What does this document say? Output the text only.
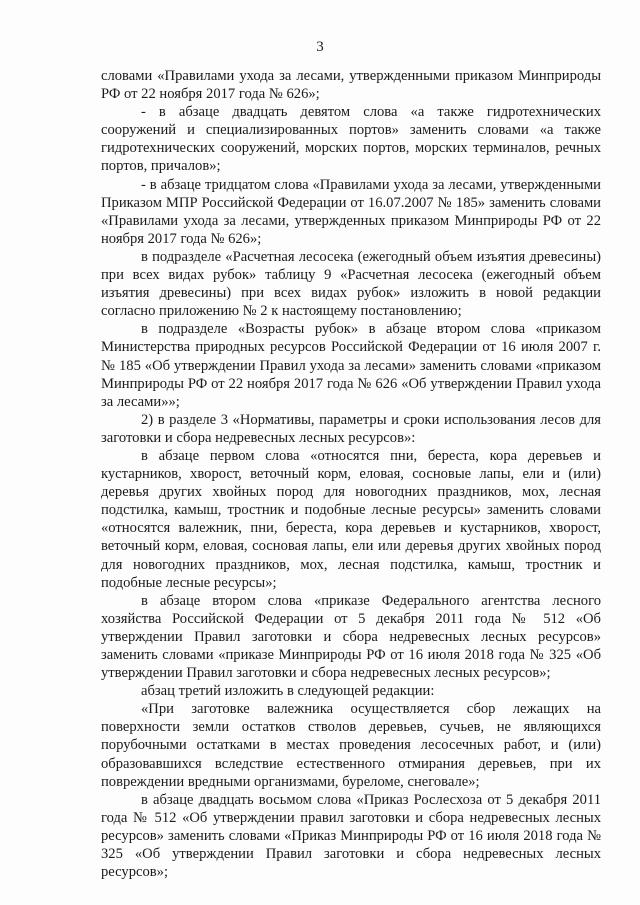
3

словами «Правилами ухода за лесами, утвержденными приказом Минприроды РФ от 22 ноября 2017 года № 626»;

- в абзаце двадцать девятом слова «а также гидротехнических сооружений и специализированных портов» заменить словами «а также гидротехнических сооружений, морских портов, морских терминалов, речных портов, причалов»;

- в абзаце тридцатом слова «Правилами ухода за лесами, утвержденными Приказом МПР Российской Федерации от 16.07.2007 № 185» заменить словами «Правилами ухода за лесами, утвержденных приказом Минприроды РФ от 22 ноября 2017 года № 626»;

в подразделе «Расчетная лесосека (ежегодный объем изъятия древесины) при всех видах рубок» таблицу 9 «Расчетная лесосека (ежегодный объем изъятия древесины) при всех видах рубок» изложить в новой редакции согласно приложению № 2 к настоящему постановлению;

в подразделе «Возрасты рубок» в абзаце втором слова «приказом Министерства природных ресурсов Российской Федерации от 16 июля 2007 г. № 185 «Об утверждении Правил ухода за лесами» заменить словами «приказом Минприроды РФ от 22 ноября 2017 года № 626 «Об утверждении Правил ухода за лесами»»;

2) в разделе 3 «Нормативы, параметры и сроки использования лесов для заготовки и сбора недревесных лесных ресурсов»:

в абзаце первом слова «относятся пни, береста, кора деревьев и кустарников, хворост, веточный корм, еловая, сосновые лапы, ели и (или) деревья других хвойных пород для новогодних праздников, мох, лесная подстилка, камыш, тростник и подобные лесные ресурсы» заменить словами «относятся валежник, пни, береста, кора деревьев и кустарников, хворост, веточный корм, еловая, сосновая лапы, ели или деревья других хвойных пород для новогодних праздников, мох, лесная подстилка, камыш, тростник и подобные лесные ресурсы»;

в абзаце втором слова «приказе Федерального агентства лесного хозяйства Российской Федерации от 5 декабря 2011 года № 512 «Об утверждении Правил заготовки и сбора недревесных лесных ресурсов» заменить словами «приказе Минприроды РФ от 16 июля 2018 года № 325 «Об утверждении Правил заготовки и сбора недревесных лесных ресурсов»;

абзац третий изложить в следующей редакции:

«При заготовке валежника осуществляется сбор лежащих на поверхности земли остатков стволов деревьев, сучьев, не являющихся порубочными остатками в местах проведения лесосечных работ, и (или) образовавшихся вследствие естественного отмирания деревьев, при их повреждении вредными организмами, буреломе, снеговале»;

в абзаце двадцать восьмом слова «Приказ Рослесхоза от 5 декабря 2011 года № 512 «Об утверждении правил заготовки и сбора недревесных лесных ресурсов» заменить словами «Приказ Минприроды РФ от 16 июля 2018 года № 325 «Об утверждении Правил заготовки и сбора недревесных лесных ресурсов»;
